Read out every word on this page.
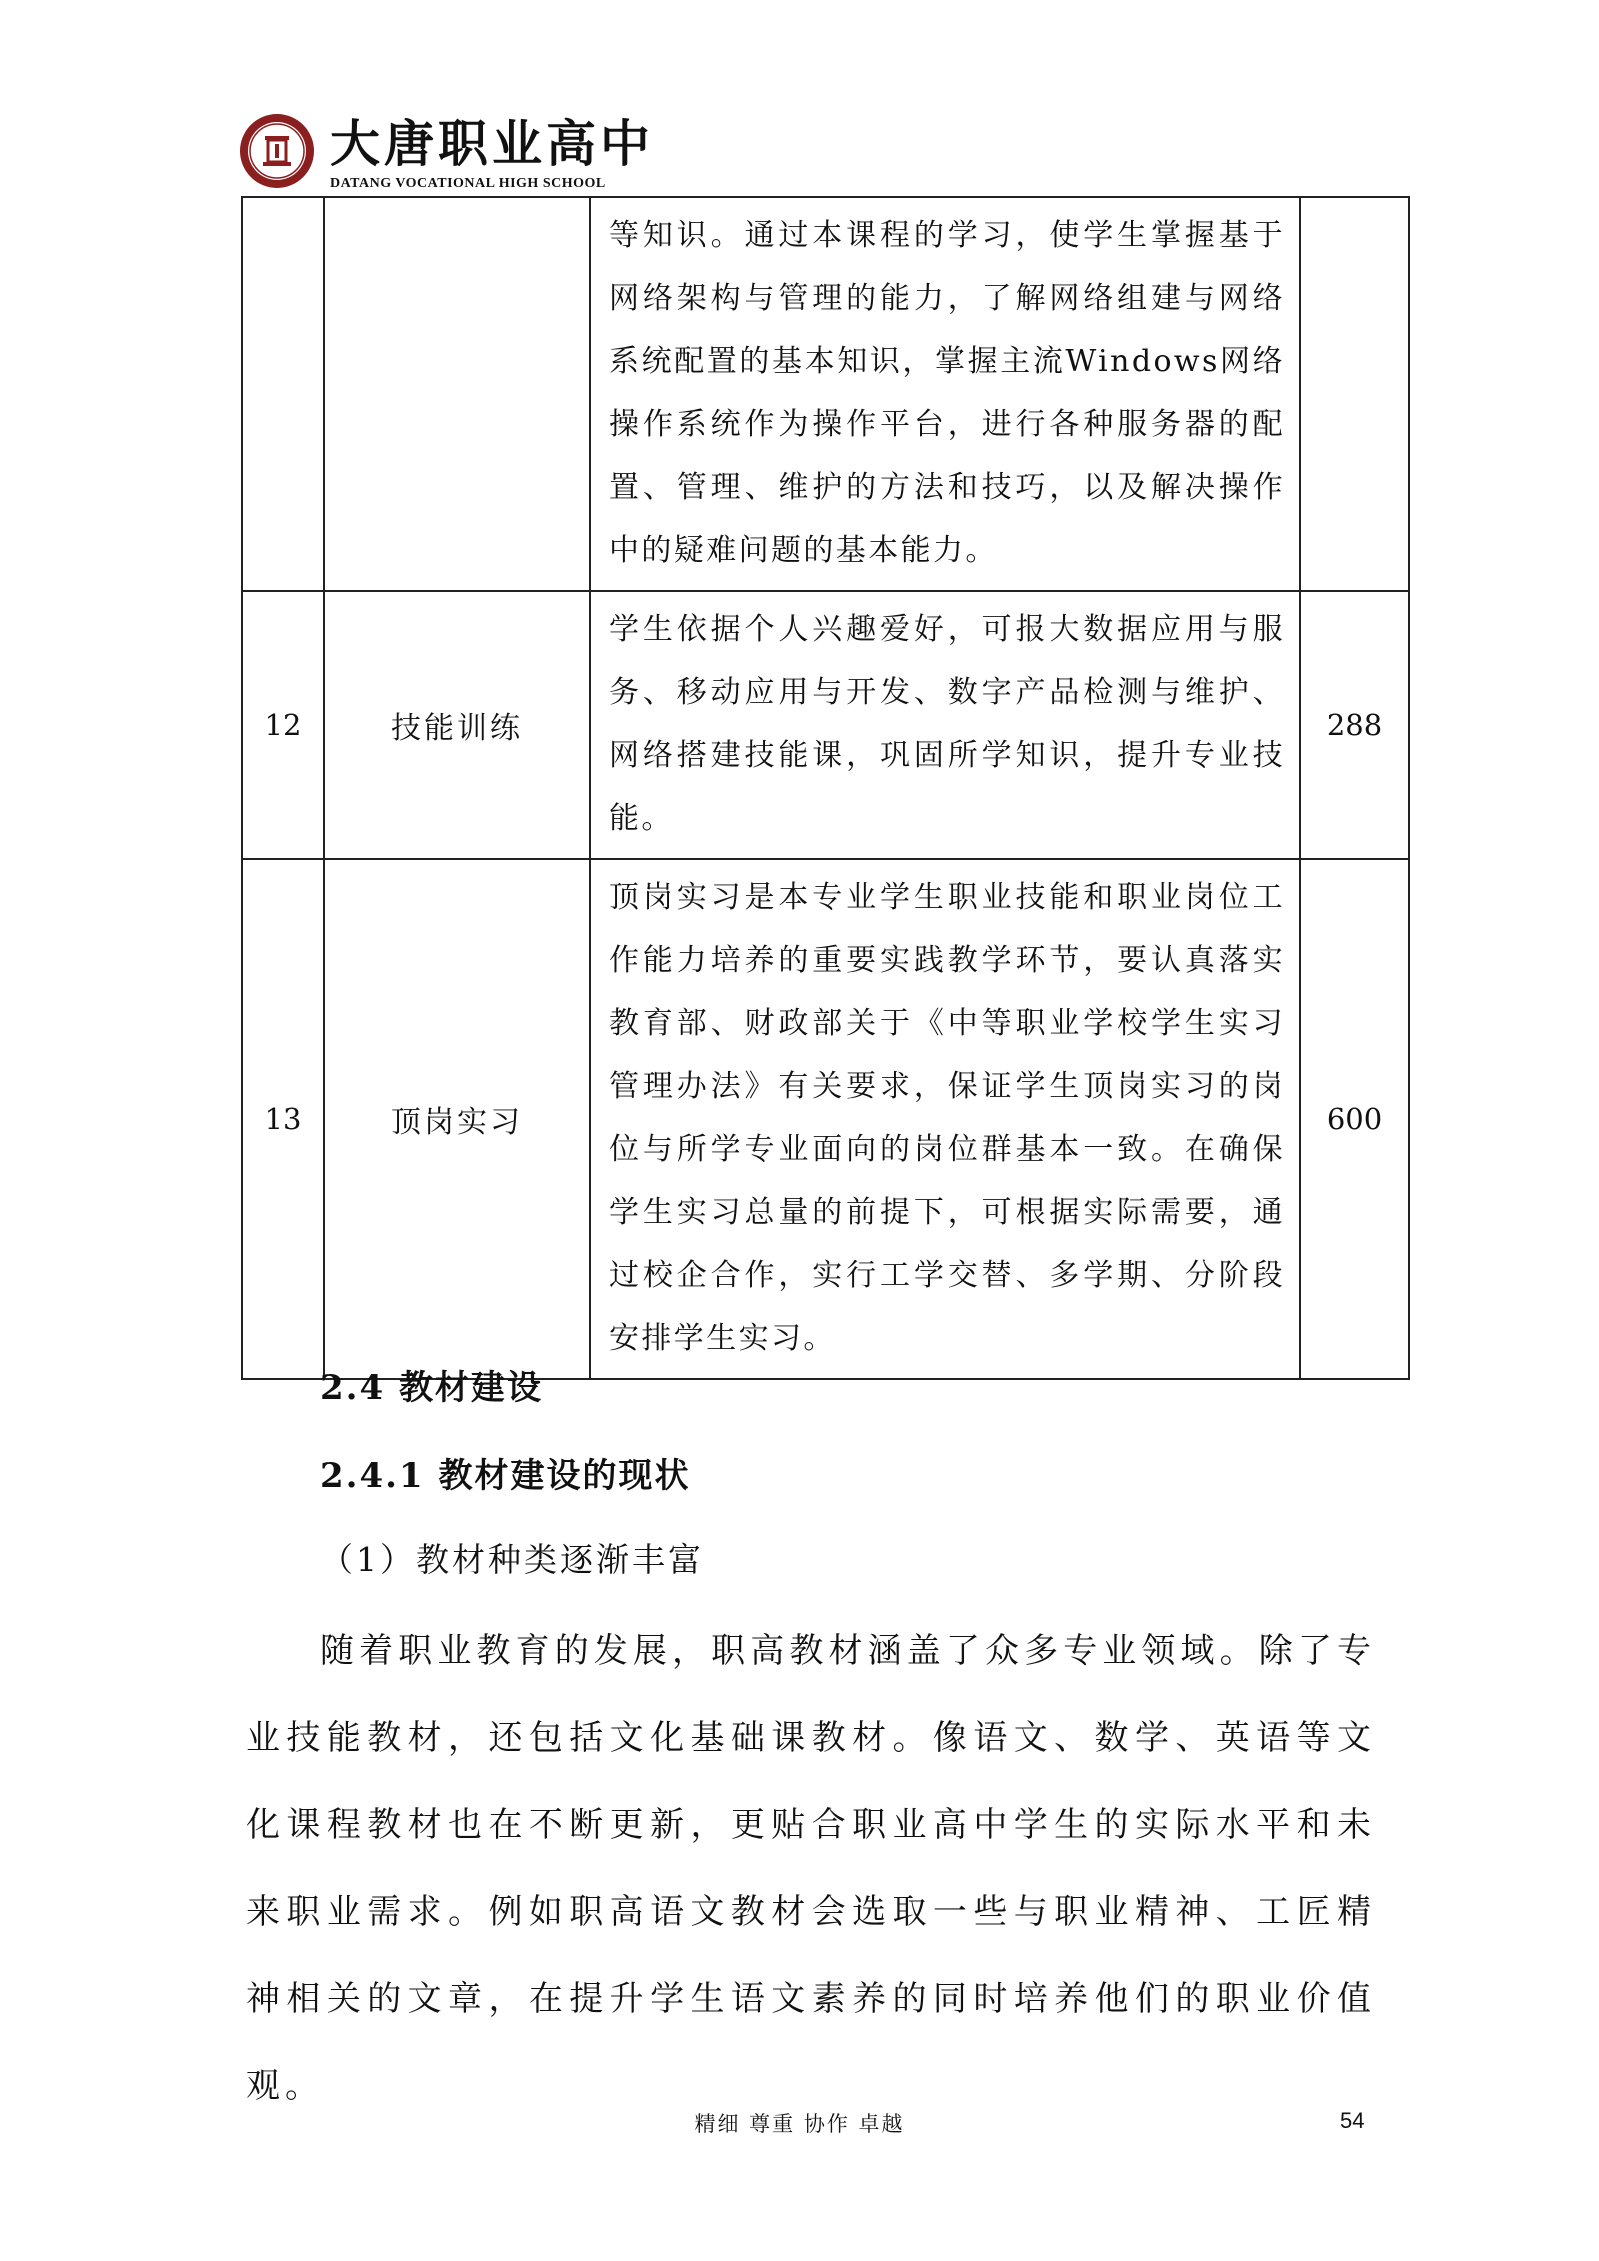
大唐职业高中
DATANG VOCATIONAL HIGH SCHOOL
		等知识。通过本课程的学习，使学生掌握基于网络架构与管理的能力，了解网络组建与网络系统配置的基本知识，掌握主流Windows网络操作系统作为操作平台，进行各种服务器的配置、管理、维护的方法和技巧，以及解决操作中的疑难问题的基本能力。	
12	技能训练	学生依据个人兴趣爱好，可报大数据应用与服务、移动应用与开发、数字产品检测与维护、网络搭建技能课，巩固所学知识，提升专业技能。	288
13	顶岗实习	顶岗实习是本专业学生职业技能和职业岗位工作能力培养的重要实践教学环节，要认真落实教育部、财政部关于《中等职业学校学生实习管理办法》有关要求，保证学生顶岗实习的岗位与所学专业面向的岗位群基本一致。在确保学生实习总量的前提下，可根据实际需要，通过校企合作，实行工学交替、多学期、分阶段安排学生实习。	600
2.4 教材建设
2.4.1 教材建设的现状
（1）教材种类逐渐丰富
随着职业教育的发展，职高教材涵盖了众多专业领域。除了专业技能教材，还包括文化基础课教材。像语文、数学、英语等文化课程教材也在不断更新，更贴合职业高中学生的实际水平和未来职业需求。例如职高语文教材会选取一些与职业精神、工匠精神相关的文章，在提升学生语文素养的同时培养他们的职业价值观。
精细 尊重 协作 卓越	54
